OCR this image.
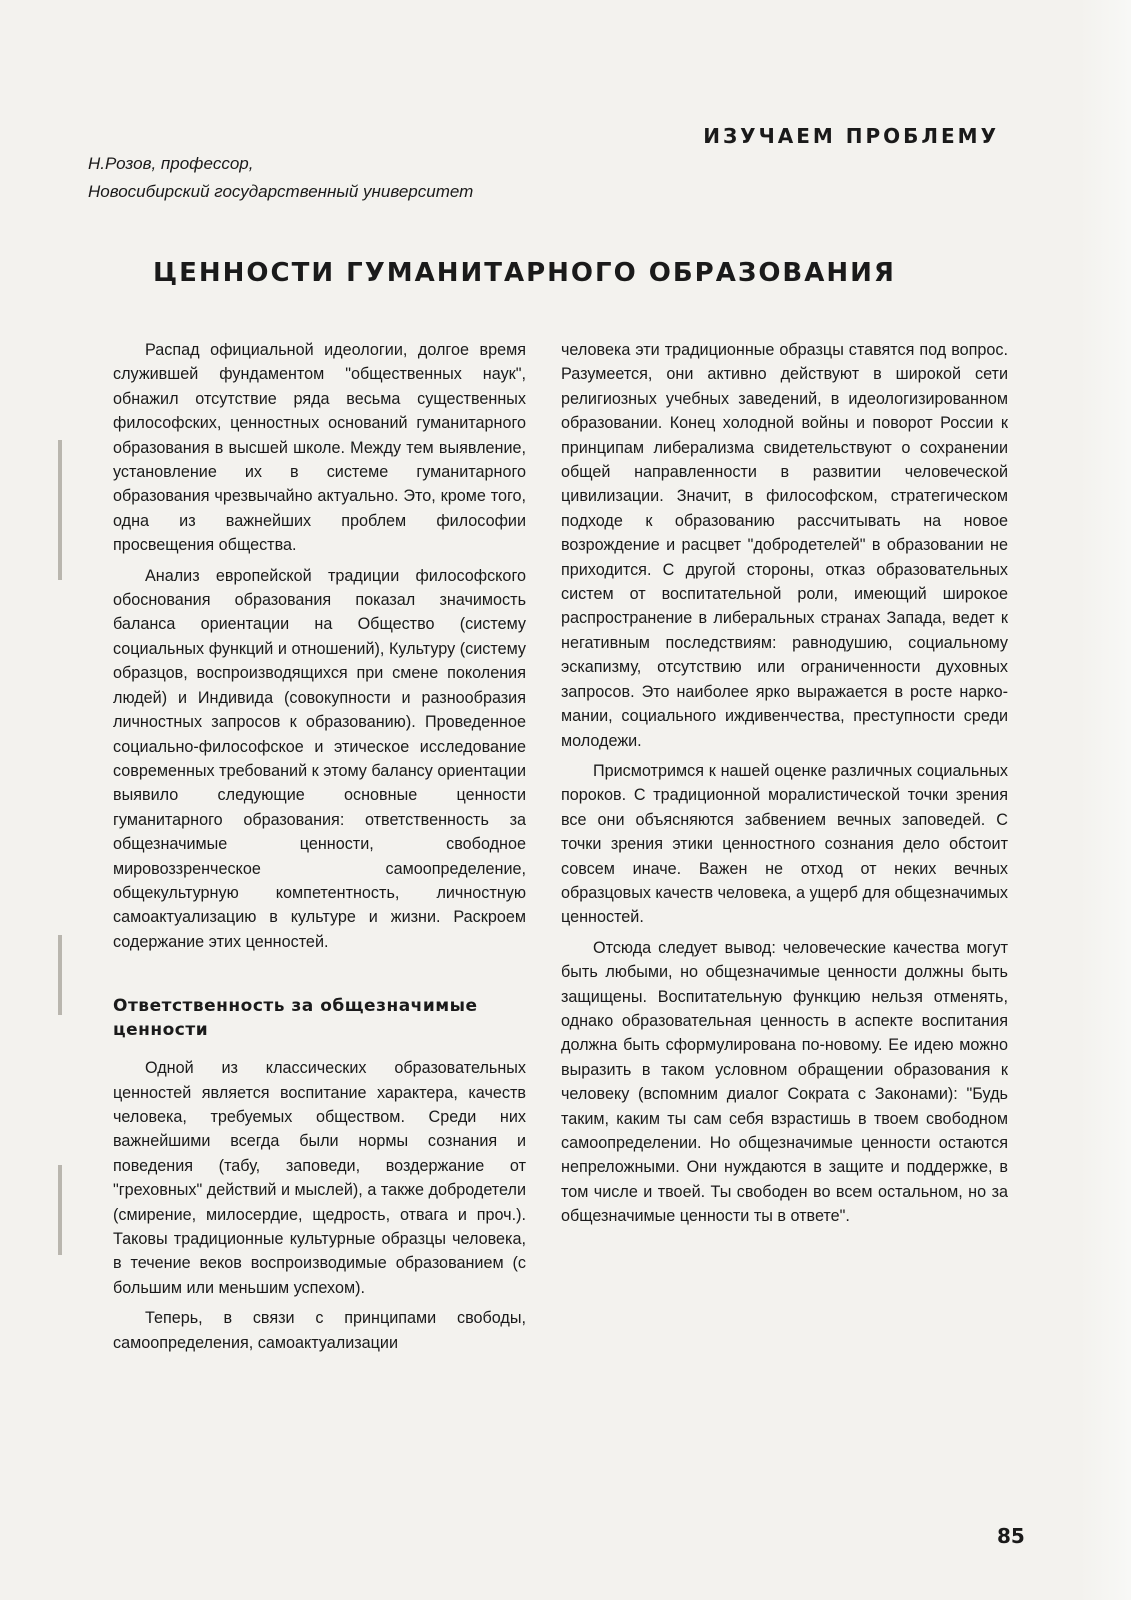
ИЗУЧАЕМ ПРОБЛЕМУ
Н.Розов, профессор,
Новосибирский государственный университет
ЦЕННОСТИ ГУМАНИТАРНОГО ОБРАЗОВАНИЯ

Распад официальной идеологии, долгое время служившей фундаментом "общественных наук", обнажил отсутствие ряда весьма существенных философских, ценностных оснований гуманитарного образования в высшей школе. Между тем выявление, установление их в системе гуманитарного образования чрезвычайно актуально. Это, кроме того, одна из важнейших проблем философии просвещения общества.

Анализ европейской традиции философского обоснования образования показал значимость баланса ориентации на Общество (систему социальных функций и отношений), Культуру (систему образцов, воспроизводящихся при смене поколения людей) и Индивида (совокупности и разнообразия личностных запросов к образованию). Проведенное социально-философское и этическое исследование современных требований к этому балансу ориентации выявило следующие основные ценности гуманитарного образования: ответственность за общезначимые ценности, свободное мировоззренческое самоопределение, общекультурную компетентность, личностную самоактуализацию в культуре и жизни. Раскроем содержание этих ценностей.

Ответственность за общезначимые ценности

Одной из классических образовательных ценностей является воспитание характера, качеств человека, требуемых обществом. Среди них важнейшими всегда были нормы сознания и поведения (табу, заповеди, воздержание от "греховных" действий и мыслей), а также добродетели (смирение, милосердие, щедрость, отвага и проч.). Таковы традиционные культурные образцы человека, в течение веков воспроизводимые образованием (с большим или меньшим успехом).

Теперь, в связи с принципами свободы, самоопределения, самоактуализации

человека эти традиционные образцы ставятся под вопрос. Разумеется, они активно действуют в широкой сети религиозных учебных заведений, в идеологизированном образовании. Конец холодной войны и поворот России к принципам либерализма свидетельствуют о сохранении общей направленности в развитии человеческой цивилизации. Значит, в философском, стратегическом подходе к образованию рассчитывать на новое возрождение и расцвет "добродетелей" в образовании не приходится. С другой стороны, отказ образовательных систем от воспитательной роли, имеющий широкое распространение в либеральных странах Запада, ведет к негативным последствиям: равнодушию, социальному эскапизму, отсутствию или ограниченности духовных запросов. Это наиболее ярко выражается в росте наркомании, социального иждивенчества, преступности среди молодежи.

Присмотримся к нашей оценке различных социальных пороков. С традиционной моралистической точки зрения все они объясняются забвением вечных заповедей. С точки зрения этики ценностного сознания дело обстоит совсем иначе. Важен не отход от неких вечных образцовых качеств человека, а ущерб для общезначимых ценностей.

Отсюда следует вывод: человеческие качества могут быть любыми, но общезначимые ценности должны быть защищены. Воспитательную функцию нельзя отменять, однако образовательная ценность в аспекте воспитания должна быть сформулирована по-новому. Ее идею можно выразить в таком условном обращении образования к человеку (вспомним диалог Сократа с Законами): "Будь таким, каким ты сам себя взрастишь в твоем свободном самоопределении. Но общезначимые ценности остаются непреложными. Они нуждаются в защите и поддержке, в том числе и твоей. Ты свободен во всем остальном, но за общезначимые ценности ты в ответе".

85
